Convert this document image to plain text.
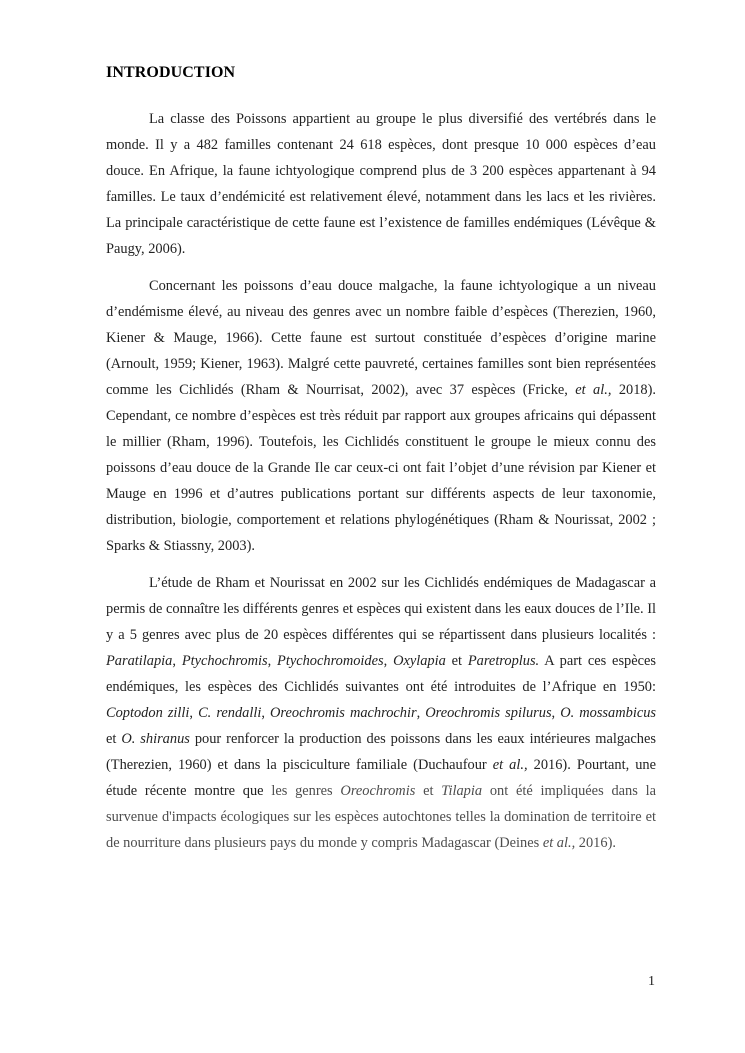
INTRODUCTION

La classe des Poissons appartient au groupe le plus diversifié des vertébrés dans le monde. Il y a 482 familles contenant 24 618 espèces, dont presque 10 000 espèces d’eau douce. En Afrique, la faune ichtyologique comprend plus de 3 200 espèces appartenant à 94 familles. Le taux d’endémicité est relativement élevé, notamment dans les lacs et les rivières. La principale caractéristique de cette faune est l’existence de familles endémiques (Lévêque & Paugy, 2006).

Concernant les poissons d’eau douce malgache, la faune ichtyologique a un niveau d’endémisme élevé, au niveau des genres avec un nombre faible d’espèces (Therezien, 1960, Kiener & Mauge, 1966). Cette faune est surtout constituée d’espèces d’origine marine (Arnoult, 1959; Kiener, 1963). Malgré cette pauvreté, certaines familles sont bien représentées comme les Cichlidés (Rham & Nourrisat, 2002), avec 37 espèces (Fricke, et al., 2018). Cependant, ce nombre d’espèces est très réduit par rapport aux groupes africains qui dépassent le millier (Rham, 1996). Toutefois, les Cichlidés constituent le groupe le mieux connu des poissons d’eau douce de la Grande Ile car ceux-ci ont fait l’objet d’une révision par Kiener et Mauge en 1996 et d’autres publications portant sur différents aspects de leur taxonomie, distribution, biologie, comportement et relations phylogénétiques (Rham & Nourissat, 2002 ; Sparks & Stiassny, 2003).

L’étude de Rham et Nourissat en 2002 sur les Cichlidés endémiques de Madagascar a permis de connaître les différents genres et espèces qui existent dans les eaux douces de l’Ile. Il y a 5 genres avec plus de 20 espèces différentes qui se répartissent dans plusieurs localités : Paratilapia, Ptychochromis, Ptychochromoides, Oxylapia et Paretroplus. A part ces espèces endémiques, les espèces des Cichlidés suivantes ont été introduites de l’Afrique en 1950: Coptodon zilli, C. rendalli, Oreochromis machrochir, Oreochromis spilurus, O. mossambicus et O. shiranus pour renforcer la production des poissons dans les eaux intérieures malgaches (Therezien, 1960) et dans la pisciculture familiale (Duchaufour et al., 2016). Pourtant, une étude récente montre que les genres Oreochromis et Tilapia ont été impliquées dans la survenue d'impacts écologiques sur les espèces autochtones telles la domination de territoire et de nourriture dans plusieurs pays du monde y compris Madagascar (Deines et al., 2016).

1
